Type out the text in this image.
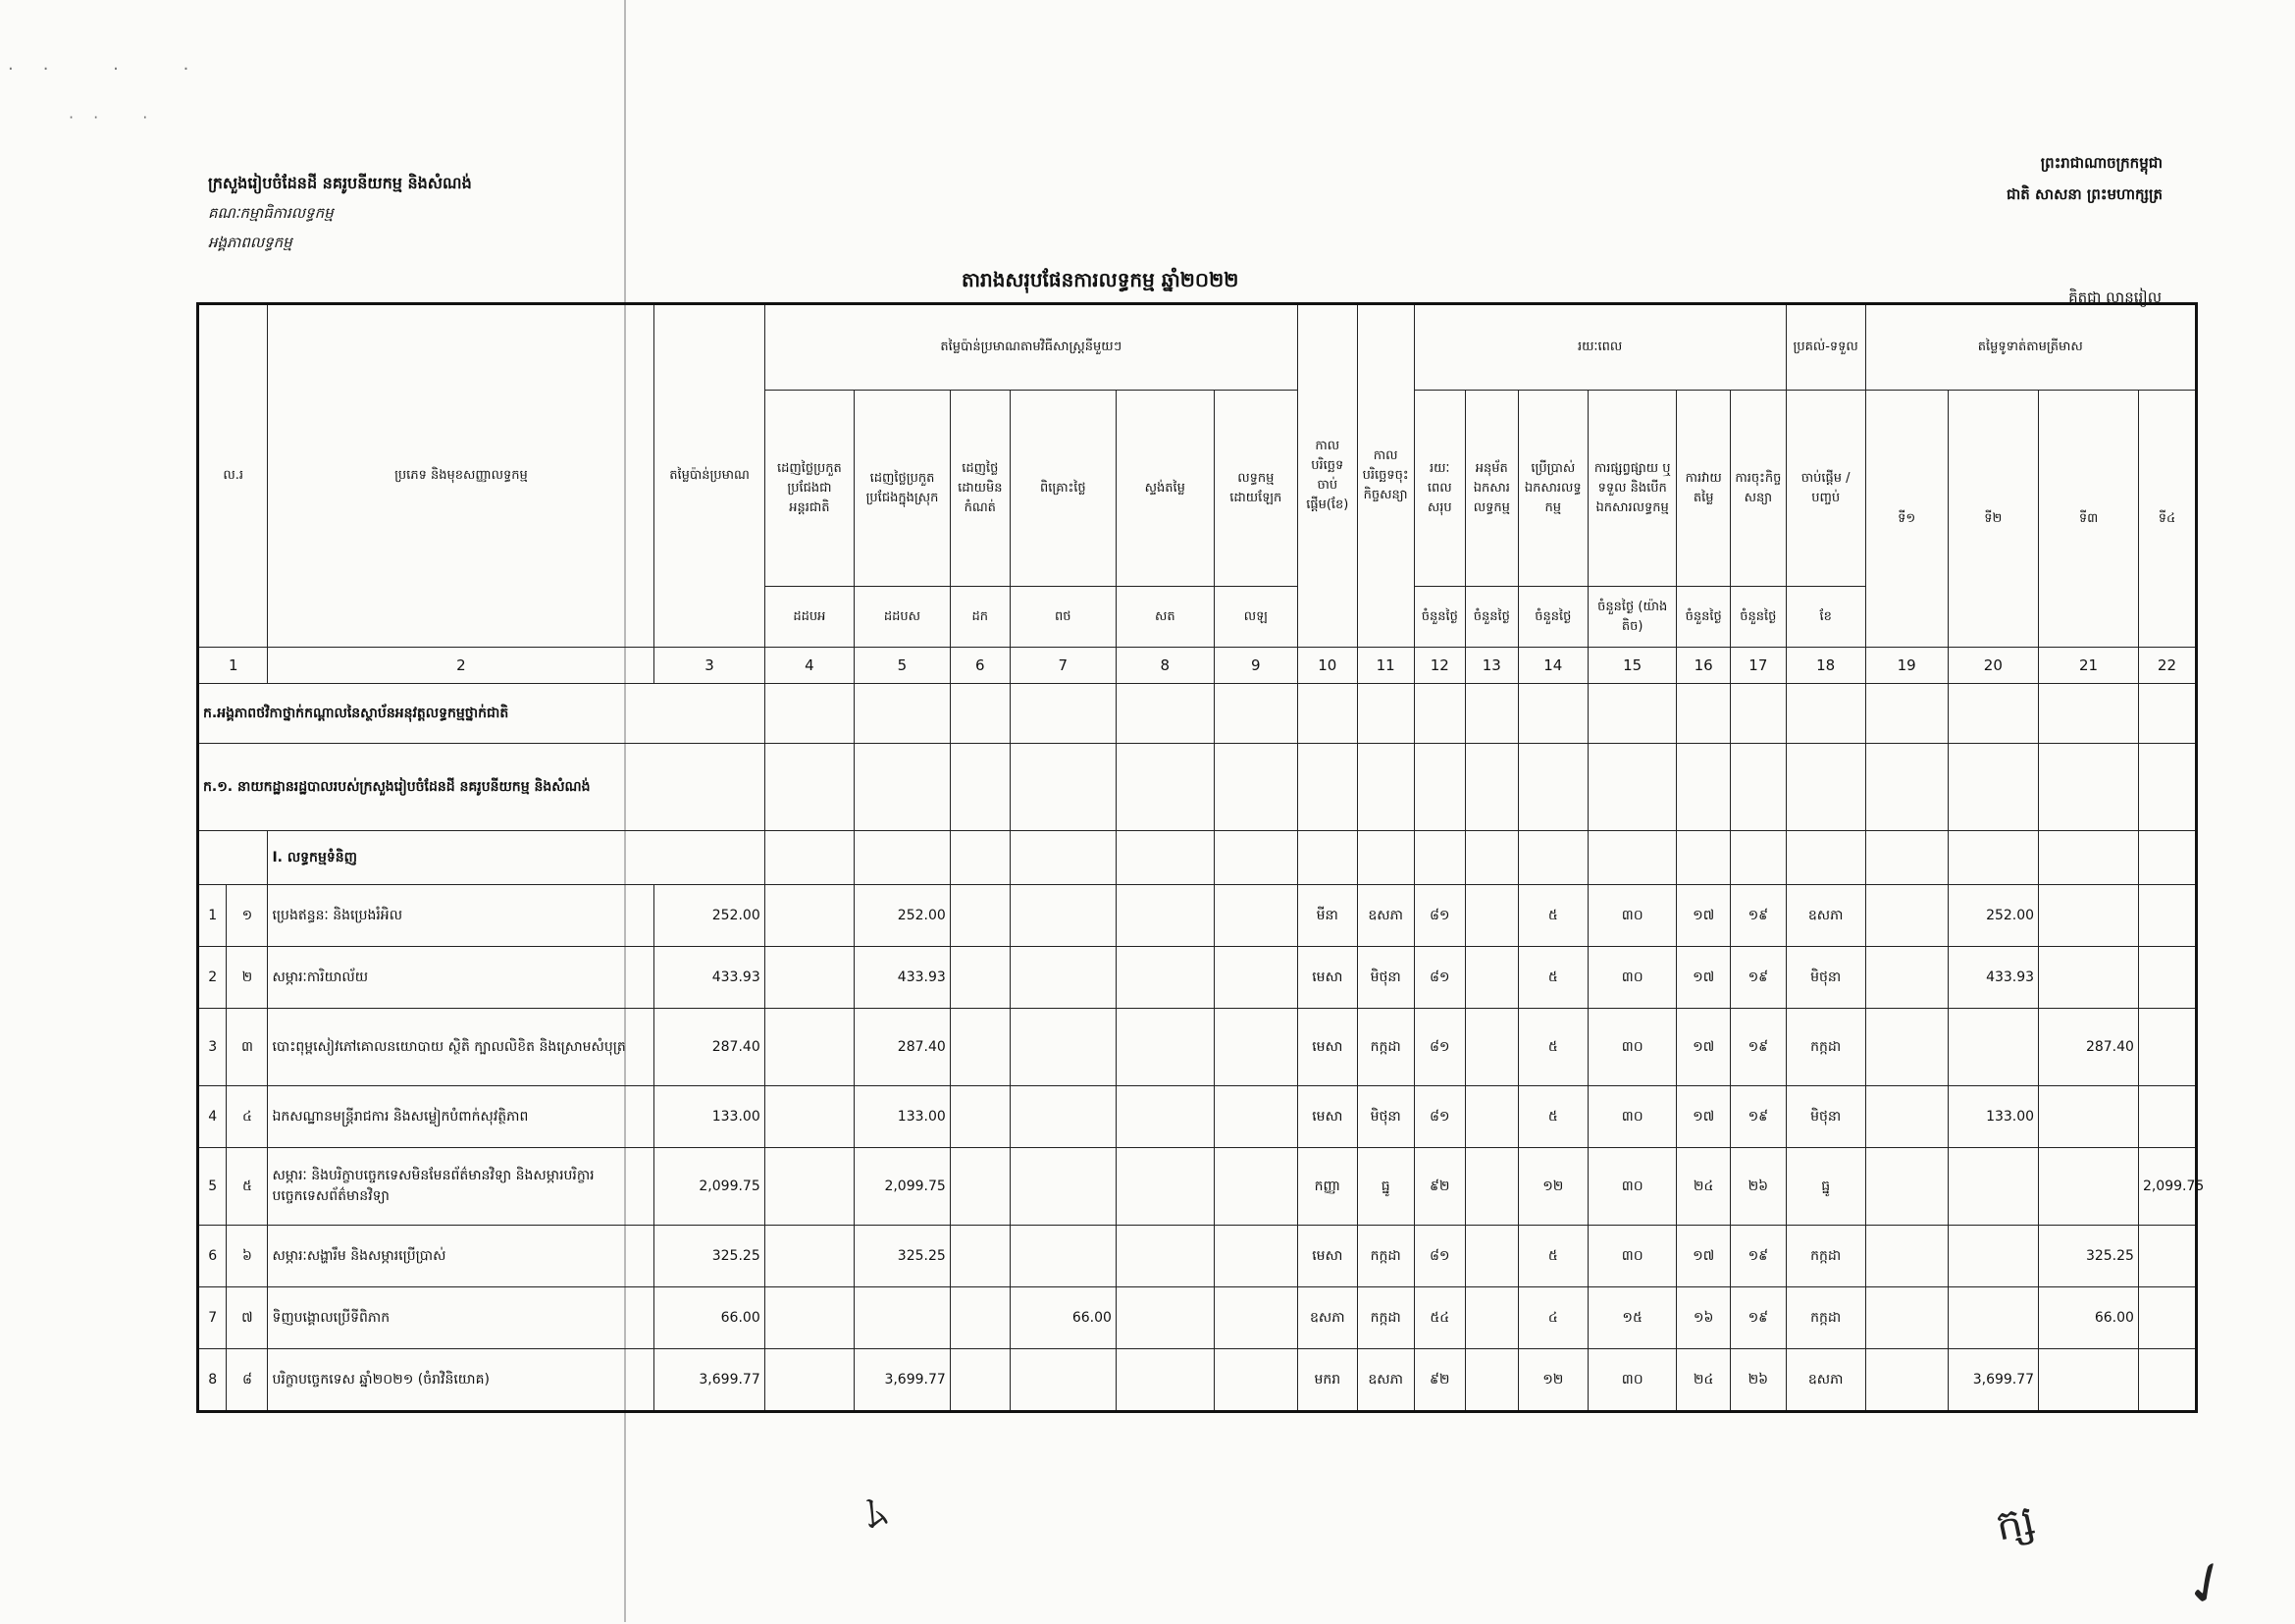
·· · ·
·· ·
ក្រសួងរៀបចំដែនដី នគរូបនីយកម្ម និងសំណង់
គណៈកម្មាធិការលទ្ធកម្ម
អង្គភាពលទ្ធកម្ម
ព្រះរាជាណាចក្រកម្ពុជា
ជាតិ សាសនា ព្រះមហាក្សត្រ
តារាងសរុបផែនការលទ្ធកម្ម ឆ្នាំ២០២២
គិតជា លានរៀល
ល.រ		ប្រភេទ និងមុខសញ្ញាលទ្ធកម្ម	តម្លៃប៉ាន់ប្រមាណ	តម្លៃប៉ាន់ប្រមាណតាមវិធីសាស្ត្រនីមួយៗ						កាលបរិច្ឆេទចាប់ផ្តើម(ខែ)	កាលបរិច្ឆេទចុះកិច្ចសន្យា	រយៈពេល						ប្រគល់-ទទួល	តម្លៃទូទាត់តាមត្រីមាស			
				ដេញថ្លៃប្រកួតប្រជែងជាអន្តរជាតិ	ដេញថ្លៃប្រកួតប្រជែងក្នុងស្រុក	ដេញថ្លៃដោយមិនកំណត់	ពិគ្រោះថ្លៃ	ស្ទង់តម្លៃ	លទ្ធកម្មដោយឡែក			រយៈពេលសរុប	អនុម័តឯកសារលទ្ធកម្ម	ប្រើប្រាស់ឯកសារលទ្ធកម្ម	ការផ្សព្វផ្សាយ ឬ ទទួល និងបើកឯកសារលទ្ធកម្ម	ការវាយតម្លៃ	ការចុះកិច្ចសន្យា	ចាប់ផ្តើម /បញ្ចប់	ទី១	ទី២	ទី៣	ទី៤
				ដដបអ	ដដបស	ដក	ពថ	សត	លឡ			ចំនួនថ្ងៃ	ចំនួនថ្ងៃ	ចំនួនថ្ងៃ	ចំនួនថ្ងៃ (យ៉ាងតិច)	ចំនួនថ្ងៃ	ចំនួនថ្ងៃ	ខែ				
1		2	3	4	5	6	7	8	9	10	11	12	13	14	15	16	17	18	19	20	21	22
ក.អង្គភាពថវិកាថ្នាក់កណ្តាលនៃស្ថាប័នអនុវត្តលទ្ធកម្មថ្នាក់ជាតិ																						
ក.១. នាយកដ្ឋានរដ្ឋបាលរបស់ក្រសួងរៀបចំដែនដី នគរូបនីយកម្ម និងសំណង់																						
		I. លទ្ធកម្មទំនិញ																				
1	១	ប្រេងឥន្ធនៈ និងប្រេងរំអិល	252.00		252.00					មីនា	ឧសភា	៨១		៥	៣០	១៧	១៩	ឧសភា		252.00		
2	២	សម្ភារៈការិយាល័យ	433.93		433.93					មេសា	មិថុនា	៨១		៥	៣០	១៧	១៩	មិថុនា		433.93		
3	៣	បោះពុម្ពសៀវភៅគោលនយោបាយ ស្ថិតិ ក្បាលលិខិត និងស្រោមសំបុត្រ	287.40		287.40					មេសា	កក្កដា	៨១		៥	៣០	១៧	១៩	កក្កដា			287.40	
4	៤	ឯកសណ្ឋានមន្ត្រីរាជការ និងសម្លៀកបំពាក់សុវត្ថិភាព	133.00		133.00					មេសា	មិថុនា	៨១		៥	៣០	១៧	១៩	មិថុនា		133.00		
5	៥	សម្ភារៈ និងបរិក្ខាបច្ចេកទេសមិនមែនព័ត៌មានវិទ្យា និងសម្ភារបរិក្ខារបច្ចេកទេសព័ត៌មានវិទ្យា	2,099.75		2,099.75					កញ្ញា	ធ្នូ	៩២		១២	៣០	២៤	២៦	ធ្នូ				2,099.75
6	៦	សម្ភារៈសង្ហារឹម និងសម្ភារប្រើប្រាស់	325.25		325.25					មេសា	កក្កដា	៨១		៥	៣០	១៧	១៩	កក្កដា			325.25	
7	៧	ទិញបង្គោលប្រើទីពិភាក	66.00				66.00			ឧសភា	កក្កដា	៥៤		៤	១៥	១៦	១៩	កក្កដា			66.00	
8	៨	បរិក្ខាបច្ចេកទេស ឆ្នាំ២០២១ (ចំរាវិនិយោគ)	3,699.77		3,699.77					មករា	ឧសភា	៩២		១២	៣០	២៤	២៦	ឧសភា		3,699.77		
ﾑ	ក្ស
✓
